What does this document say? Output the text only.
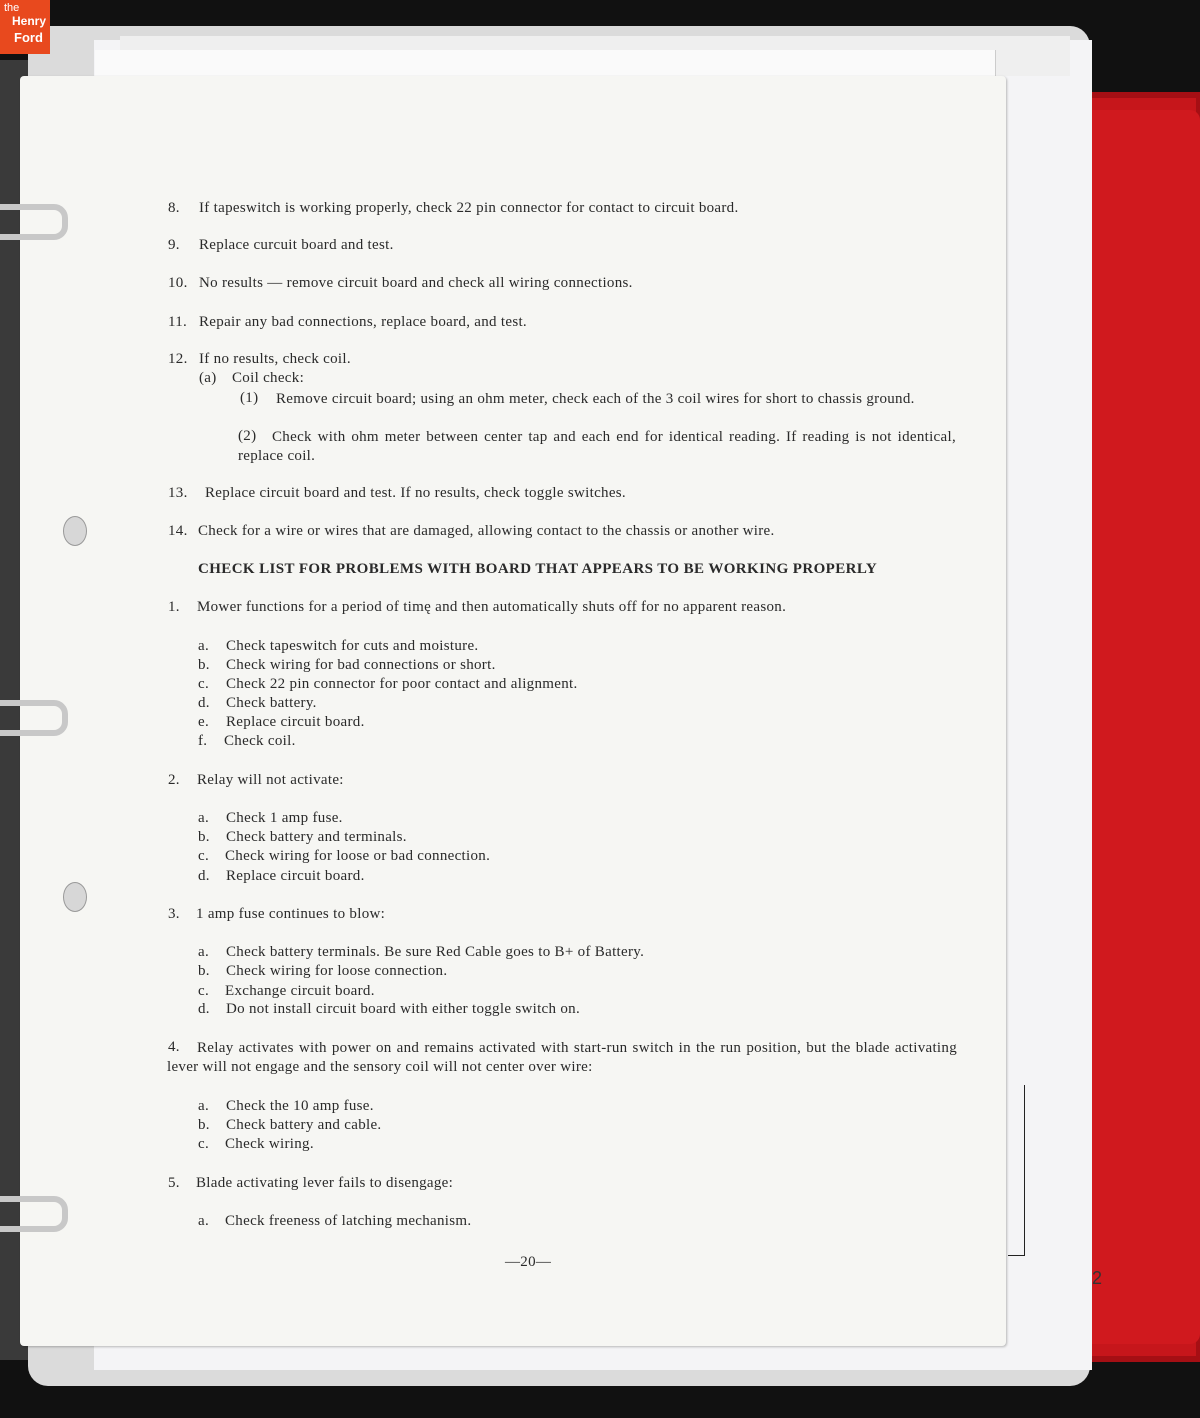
the
Henry
Ford
2
8. If tapeswitch is working properly, check 22 pin connector for contact to circuit board.
9. Replace curcuit board and test.
10. No results — remove circuit board and check all wiring connections.
11. Repair any bad connections, replace board, and test.
12. If no results, check coil.
(a) Coil check:
(1)	Remove circuit board; using an ohm meter, check each of the 3 coil wires for short to chassis ground.
(2)	Check with ohm meter between center tap and each end for identical reading. If reading is not identical, replace coil.
13. Replace circuit board and test. If no results, check toggle switches.
14. Check for a wire or wires that are damaged, allowing contact to the chassis or another wire.
CHECK LIST FOR PROBLEMS WITH BOARD THAT APPEARS TO BE WORKING PROPERLY
1. Mower functions for a period of timę and then automatically shuts off for no apparent reason.
a. Check tapeswitch for cuts and moisture.
b. Check wiring for bad connections or short.
c. Check 22 pin connector for poor contact and alignment.
d. Check battery.
e. Replace circuit board.
f. Check coil.
2. Relay will not activate:
a. Check 1 amp fuse.
b. Check battery and terminals.
c. Check wiring for loose or bad connection.
d. Replace circuit board.
3. 1 amp fuse continues to blow:
a. Check battery terminals. Be sure Red Cable goes to B+ of Battery.
b. Check wiring for loose connection.
c. Exchange circuit board.
d. Do not install circuit board with either toggle switch on.
4.	Relay activates with power on and remains activated with start-run switch in the run position, but the blade activating lever will not engage and the sensory coil will not center over wire:
a. Check the 10 amp fuse.
b. Check battery and cable.
c. Check wiring.
5. Blade activating lever fails to disengage:
a. Check freeness of latching mechanism.
—20—
